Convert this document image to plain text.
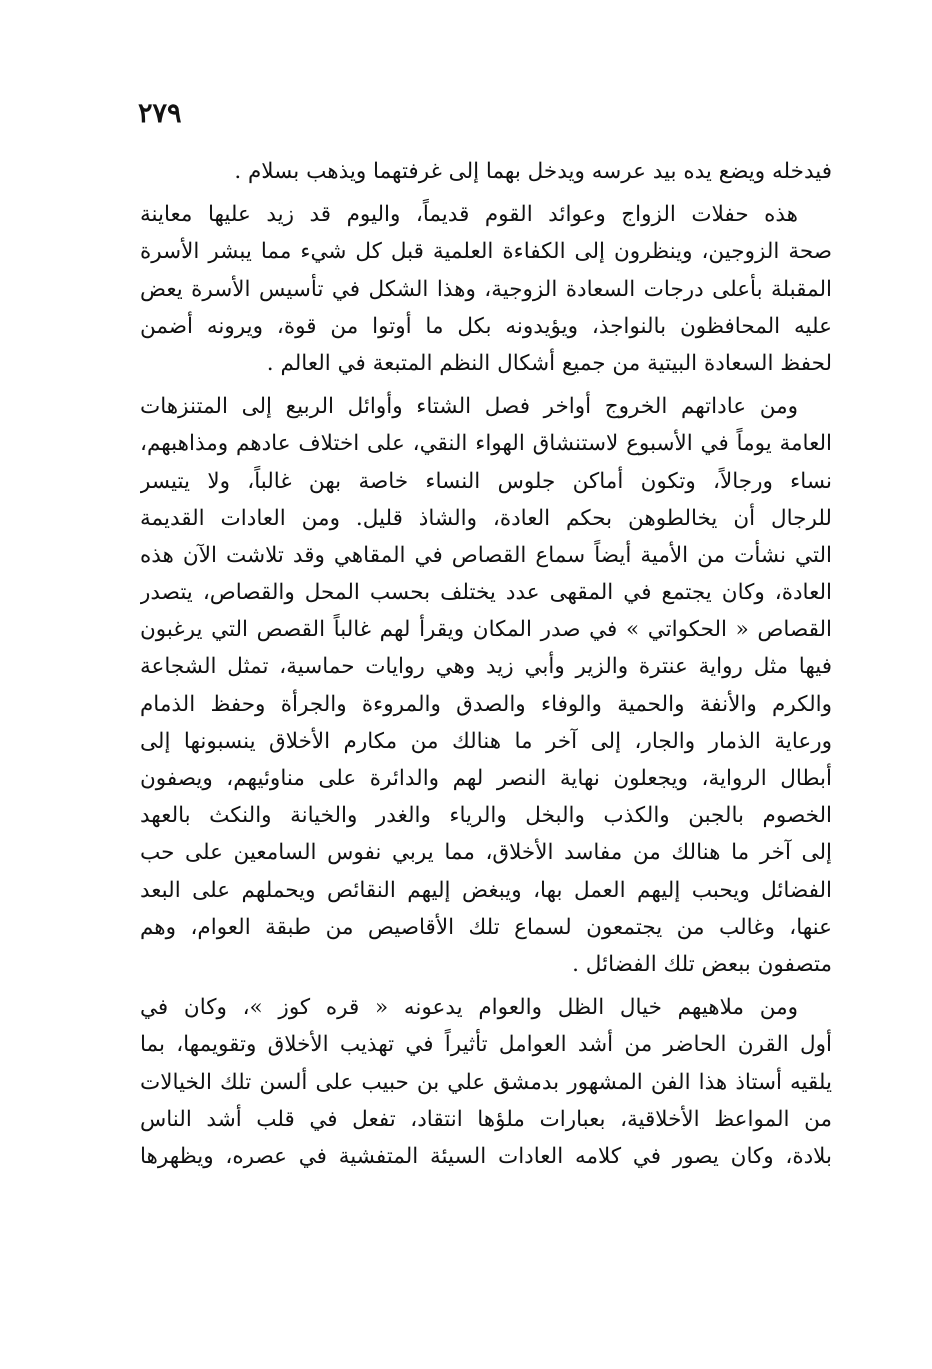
٢٧٩
فيدخله ويضع يده بيد عرسه ويدخل بهما إلى غرفتهما ويذهب بسلام .
هذه حفلات الزواج وعوائد القوم قديماً، واليوم قد زيد عليها معاينة
صحة الزوجين، وينظرون إلى الكفاءة العلمية قبل كل شيء مما يبشر الأسرة
المقبلة بأعلى درجات السعادة الزوجية، وهذا الشكل في تأسيس الأسرة يعض
عليه المحافظون بالنواجذ، ويؤيدونه بكل ما أوتوا من قوة، ويرونه أضمن
لحفظ السعادة البيتية من جميع أشكال النظم المتبعة في العالم .
ومن عاداتهم الخروج أواخر فصل الشتاء وأوائل الربيع إلى المتنزهات
العامة يوماً في الأسبوع لاستنشاق الهواء النقي، على اختلاف عادهم ومذاهبهم،
نساء ورجالاً، وتكون أماكن جلوس النساء خاصة بهن غالباً، ولا يتيسر
للرجال أن يخالطوهن بحكم العادة، والشاذ قليل. ومن العادات القديمة
التي نشأت من الأمية أيضاً سماع القصاص في المقاهي وقد تلاشت الآن هذه
العادة، وكان يجتمع في المقهى عدد يختلف بحسب المحل والقصاص، يتصدر
القصاص « الحكواتي » في صدر المكان ويقرأ لهم غالباً القصص التي يرغبون
فيها مثل رواية عنترة والزير وأبي زيد وهي روايات حماسية، تمثل الشجاعة
والكرم والأنفة والحمية والوفاء والصدق والمروءة والجرأة وحفظ الذمام
ورعاية الذمار والجار، إلى آخر ما هنالك من مكارم الأخلاق ينسبونها إلى
أبطال الرواية، ويجعلون نهاية النصر لهم والدائرة على مناوئيهم، ويصفون
الخصوم بالجبن والكذب والبخل والرياء والغدر والخيانة والنكث بالعهد
إلى آخر ما هنالك من مفاسد الأخلاق، مما يربي نفوس السامعين على حب
الفضائل ويحبب إليهم العمل بها، ويبغض إليهم النقائص ويحملهم على البعد
عنها، وغالب من يجتمعون لسماع تلك الأقاصيص من طبقة العوام، وهم
متصفون ببعض تلك الفضائل .
ومن ملاهيهم خيال الظل والعوام يدعونه « قره كوز »، وكان في
أول القرن الحاضر من أشد العوامل تأثيراً في تهذيب الأخلاق وتقويمها، بما
يلقيه أستاذ هذا الفن المشهور بدمشق علي بن حبيب على ألسن تلك الخيالات
من المواعظ الأخلاقية، بعبارات ملؤها انتقاد، تفعل في قلب أشد الناس
بلادة، وكان يصور في كلامه العادات السيئة المتفشية في عصره، ويظهرها
